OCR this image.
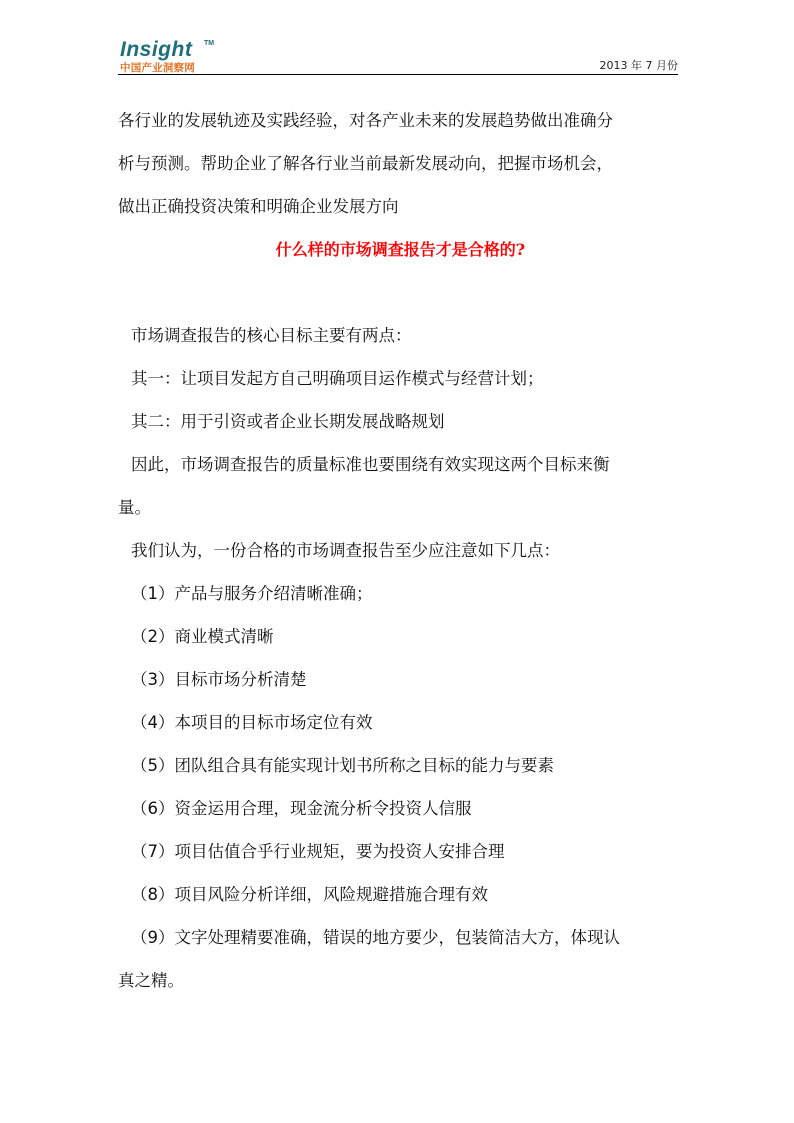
Insight TM
中国产业洞察网	2013 年 7 月份

各行业的发展轨迹及实践经验，对各产业未来的发展趋势做出准确分

析与预测。帮助企业了解各行业当前最新发展动向，把握市场机会，

做出正确投资决策和明确企业发展方向

什么样的市场调查报告才是合格的?

市场调查报告的核心目标主要有两点：

其一：让项目发起方自己明确项目运作模式与经营计划；

其二：用于引资或者企业长期发展战略规划

因此，市场调查报告的质量标准也要围绕有效实现这两个目标来衡

量。

我们认为，一份合格的市场调查报告至少应注意如下几点：

（1）产品与服务介绍清晰准确；

（2）商业模式清晰

（3）目标市场分析清楚

（4）本项目的目标市场定位有效

（5）团队组合具有能实现计划书所称之目标的能力与要素

（6）资金运用合理，现金流分析令投资人信服

（7）项目估值合乎行业规矩，要为投资人安排合理

（8）项目风险分析详细，风险规避措施合理有效

（9）文字处理精要准确，错误的地方要少，包装简洁大方，体现认

真之精。
